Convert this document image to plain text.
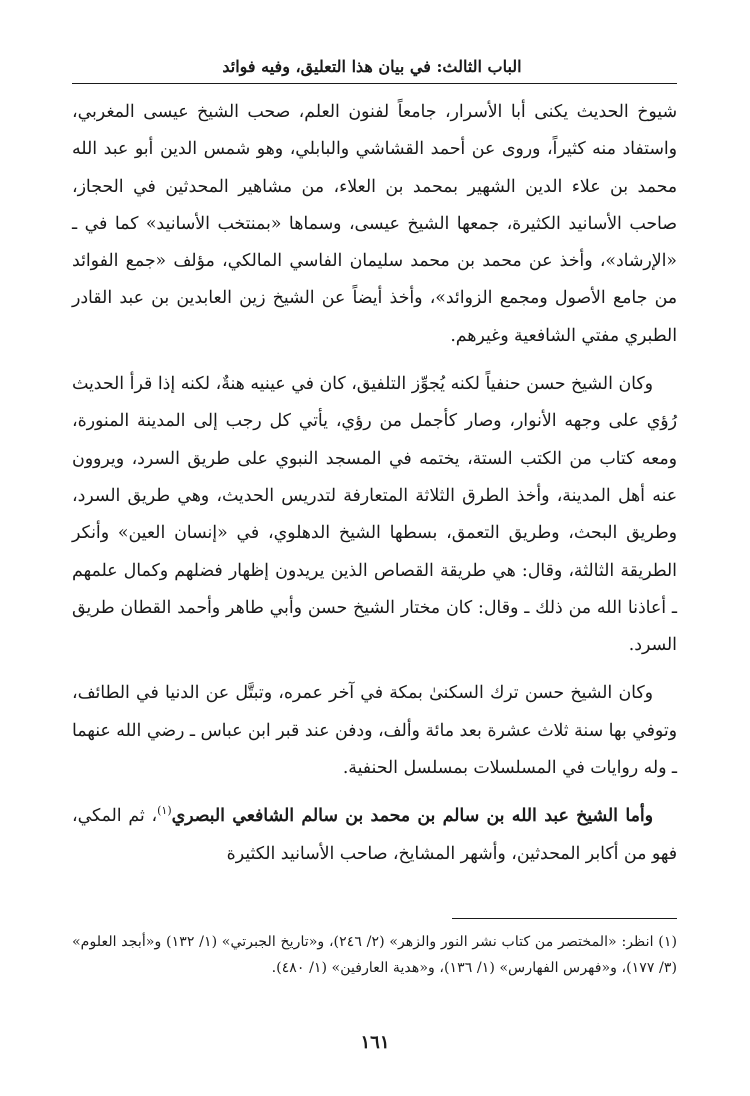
الباب الثالث: في بيان هذا التعليق، وفيه فوائد

شيوخ الحديث يكنى أبا الأسرار، جامعاً لفنون العلم، صحب الشيخ عيسى المغربي، واستفاد منه كثيراً، وروى عن أحمد القشاشي والبابلي، وهو شمس الدين أبو عبد الله محمد بن علاء الدين الشهير بمحمد بن العلاء، من مشاهير المحدثين في الحجاز، صاحب الأسانيد الكثيرة، جمعها الشيخ عيسى، وسماها «بمنتخب الأسانيد» كما في ـ «الإرشاد»، وأخذ عن محمد بن محمد سليمان الفاسي المالكي، مؤلف «جمع الفوائد من جامع الأصول ومجمع الزوائد»، وأخذ أيضاً عن الشيخ زين العابدين بن عبد القادر الطبري مفتي الشافعية وغيرهم.

وكان الشيخ حسن حنفياً لكنه يُجوِّز التلفيق، كان في عينيه هنةٌ، لكنه إذا قرأ الحديث رُؤي على وجهه الأنوار، وصار كأجمل من رؤي، يأتي كل رجب إلى المدينة المنورة، ومعه كتاب من الكتب الستة، يختمه في المسجد النبوي على طريق السرد، ويروون عنه أهل المدينة، وأخذ الطرق الثلاثة المتعارفة لتدريس الحديث، وهي طريق السرد، وطريق البحث، وطريق التعمق، بسطها الشيخ الدهلوي، في «إنسان العين» وأنكر الطريقة الثالثة، وقال: هي طريقة القصاص الذين يريدون إظهار فضلهم وكمال علمهم ـ أعاذنا الله من ذلك ـ وقال: كان مختار الشيخ حسن وأبي طاهر وأحمد القطان طريق السرد.

وكان الشيخ حسن ترك السكنىٰ بمكة في آخر عمره، وتبتَّل عن الدنيا في الطائف، وتوفي بها سنة ثلاث عشرة بعد مائة وألف، ودفن عند قبر ابن عباس ـ رضي الله عنهما ـ وله روايات في المسلسلات بمسلسل الحنفية.

وأما الشيخ عبد الله بن سالم بن محمد بن سالم الشافعي البصري$^{(١)}$، ثم المكي، فهو من أكابر المحدثين، وأشهر المشايخ، صاحب الأسانيد الكثيرة

(١) انظر: «المختصر من كتاب نشر النور والزهر» (٢/ ٢٤٦)، و«تاريخ الجبرتي» (١/ ١٣٢) و«أبجد العلوم» (٣/ ١٧٧)، و«فهرس الفهارس» (١/ ١٣٦)، و«هدية العارفين» (١/ ٤٨٠).

١٦١
